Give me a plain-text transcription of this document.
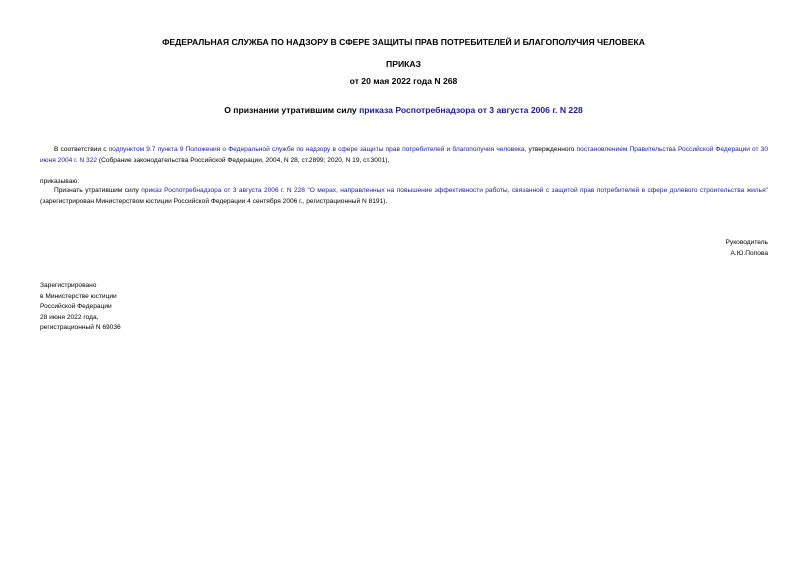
ФЕДЕРАЛЬНАЯ СЛУЖБА ПО НАДЗОРУ В СФЕРЕ ЗАЩИТЫ ПРАВ ПОТРЕБИТЕЛЕЙ И БЛАГОПОЛУЧИЯ ЧЕЛОВЕКА
ПРИКАЗ
от 20 мая 2022 года N 268
О признании утратившим силу приказа Роспотребнадзора от 3 августа 2006 г. N 228
В соответствии с подпунктом 9.7 пункта 9 Положения о Федеральной службе по надзору в сфере защиты прав потребителей и благополучия человека, утвержденного постановлением Правительства Российской Федерации от 30 июня 2004 г. N 322 (Собрание законодательства Российской Федерации, 2004, N 28, ст.2899; 2020, N 19, ст.3001),
приказываю:
Признать утратившим силу приказ Роспотребнадзора от 3 августа 2006 г. N 228 "О мерах, направленных на повышение эффективности работы, связанной с защитой прав потребителей в сфере долевого строительства жилья" (зарегистрирован Министерством юстиции Российской Федерации 4 сентября 2006 г., регистрационный N 8191).
Руководитель
А.Ю.Попова
Зарегистрировано
в Министерстве юстиции
Российской Федерации
28 июня 2022 года,
регистрационный N 69036
